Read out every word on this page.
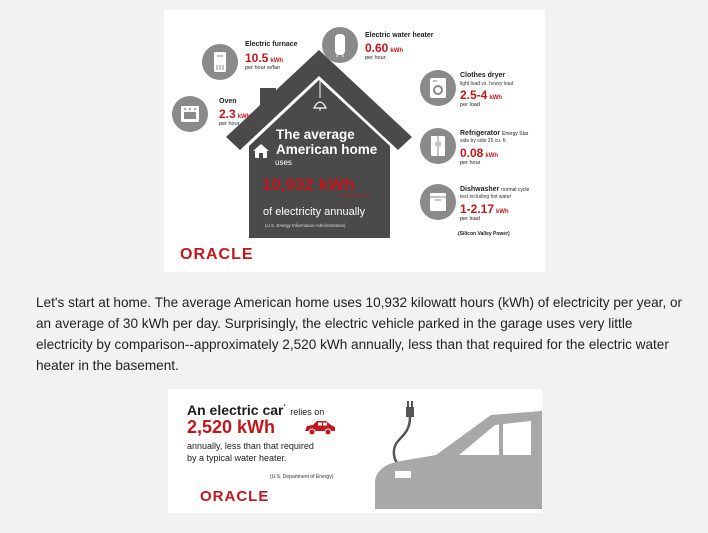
The average American home
uses
10,932 kWh
kilowatt hours
of electricity annually
(U.S. Energy Information Administration)
Electric furnace
10.5 kWh
per hour w/fan
Electric water heater
0.60 kWh
per hour
Oven
2.3 kWh
per hour
Clothes dryer
light load vs. heavy load
2.5-4 kWh
per load
Refrigerator Energy Star
side by side 25 cu. ft.
0.08 kWh
per hour
Dishwasher normal cycle
test including hot water
1-2.17 kWh
per load
(Silicon Valley Power)
ORACLE

Let's start at home. The average American home uses 10,932 kilowatt hours (kWh) of electricity per year, or an average of 30 kWh per day. Surprisingly, the electric vehicle parked in the garage uses very little electricity by comparison--approximately 2,520 kWh annually, less than that required for the electric water heater in the basement.

An electric car* relies on
2,520 kWh
annually, less than that required
by a typical water heater.
(U.S. Department of Energy)
ORACLE
